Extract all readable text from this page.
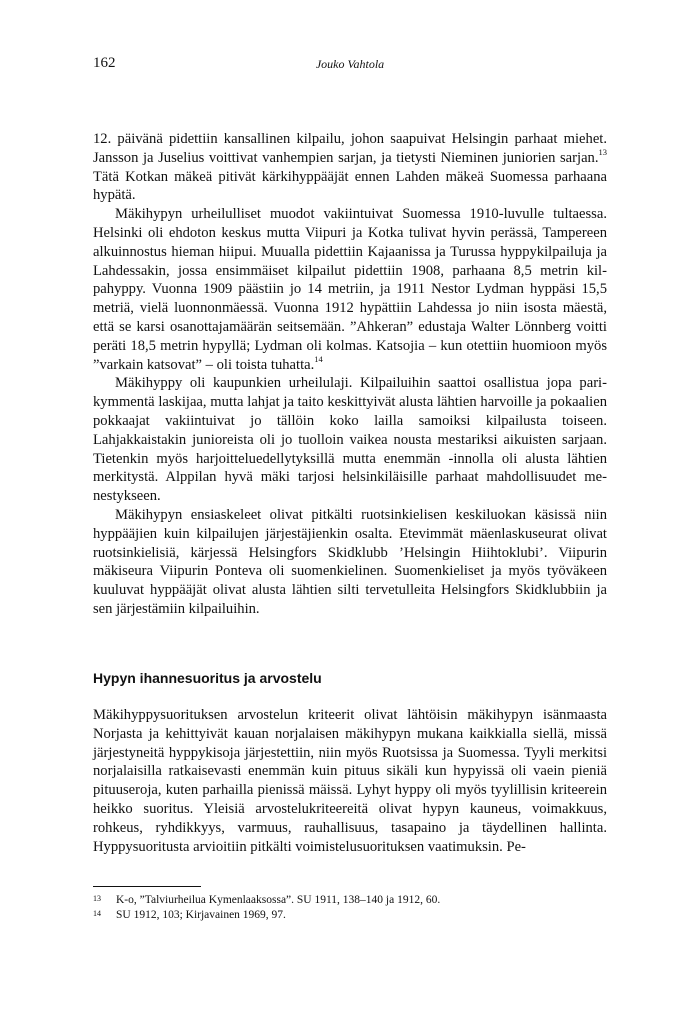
162	Jouko Vahtola

12. päivänä pidettiin kansallinen kilpailu, johon saapuivat Helsingin parhaat miehet. Jansson ja Juselius voittivat vanhempien sarjan, ja tietysti Nieminen juniorien sarjan.$^{13}$ Tätä Kotkan mäkeä pitivät kärkihyppääjät ennen Lahden mäkeä Suomessa parhaana hypätä.

Mäkihypyn urheilulliset muodot vakiintuivat Suomessa 1910-luvulle tultaessa. Helsinki oli ehdoton keskus mutta Viipuri ja Kotka tulivat hyvin perässä, Tampereen alkuinnostus hieman hiipui. Muualla pidettiin Kajaanissa ja Turussa hyppykilpailuja ja Lahdessakin, jossa ensimmäiset kilpailut pidettiin 1908, parhaana 8,5 metrin kilpahyppy. Vuonna 1909 päästiin jo 14 metriin, ja 1911 Nestor Lydman hyppäsi 15,5 metriä, vielä luonnonmäessä. Vuonna 1912 hypättiin Lahdessa jo niin isosta mäestä, että se karsi osanottajamäärän seitsemään. ”Ahkeran” edustaja Walter Lönnberg voitti peräti 18,5 metrin hypyllä; Lydman oli kolmas. Katsojia – kun otettiin huomioon myös ”varkain katsovat” – oli toista tuhatta.$^{14}$

Mäkihyppy oli kaupunkien urheilulaji. Kilpailuihin saattoi osallistua jopa parikymmentä laskijaa, mutta lahjat ja taito keskittyivät alusta lähtien harvoille ja pokaalien pokkaajat vakiintuivat jo tällöin koko lailla samoiksi kilpailusta toiseen. Lahjakkaistakin junioreista oli jo tuolloin vaikea nousta mestariksi aikuisten sarjaan. Tietenkin myös harjoitteluedellytyksillä mutta enemmän -innolla oli alusta lähtien merkitystä. Alppilan hyvä mäki tarjosi helsinkiläisille parhaat mahdollisuudet menestykseen.

Mäkihypyn ensiaskeleet olivat pitkälti ruotsinkielisen keskiluokan käsissä niin hyppääjien kuin kilpailujen järjestäjienkin osalta. Etevimmät mäenlaskuseurat olivat ruotsinkielisiä, kärjessä Helsingfors Skidklubb ’Helsingin Hiihtoklubi’. Viipurin mäkiseura Viipurin Ponteva oli suomenkielinen. Suomenkieliset ja myös työväkeen kuuluvat hyppääjät olivat alusta lähtien silti tervetulleita Helsingfors Skidklubbiin ja sen järjestämiin kilpailuihin.

Hypyn ihannesuoritus ja arvostelu

Mäkihyppysuorituksen arvostelun kriteerit olivat lähtöisin mäkihypyn isänmaasta Norjasta ja kehittyivät kauan norjalaisen mäkihypyn mukana kaikkialla siellä, missä järjestyneitä hyppykisoja järjestettiin, niin myös Ruotsissa ja Suomessa. Tyyli merkitsi norjalaisilla ratkaisevasti enemmän kuin pituus sikäli kun hypyissä oli vaein pieniä pituuseroja, kuten parhailla pienissä mäissä. Lyhyt hyppy oli myös tyylillisin kriteerein heikko suoritus. Yleisiä arvostelukriteereitä olivat hypyn kauneus, voimakkuus, rohkeus, ryhdikkyys, varmuus, rauhallisuus, tasapaino ja täydellinen hallinta. Hyppysuoritusta arvioitiin pitkälti voimistelusuorituksen vaatimuksin. Pe-

13 K-o, ”Talviurheilua Kymenlaaksossa”. SU 1911, 138–140 ja 1912, 60.
14 SU 1912, 103; Kirjavainen 1969, 97.
